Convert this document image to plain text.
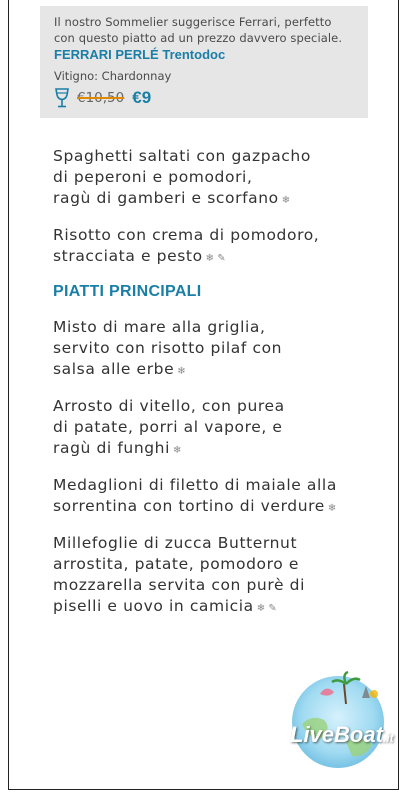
Il nostro Sommelier suggerisce Ferrari, perfetto
con questo piatto ad un prezzo davvero speciale.
FERRARI PERLÉ Trentodoc
Vitigno: Chardonnay
€10,50 €9
Spaghetti saltati con gazpacho
di peperoni e pomodori,
ragù di gamberi e scorfano ❄
Risotto con crema di pomodoro,
stracciata e pesto ❄ ✎
PIATTI PRINCIPALI
Misto di mare alla griglia,
servito con risotto pilaf con
salsa alle erbe ❄
Arrosto di vitello, con purea
di patate, porri al vapore, e
ragù di funghi ❄
Medaglioni di filetto di maiale alla
sorrentina con tortino di verdure ❄
Millefoglie di zucca Butternut
arrostita, patate, pomodoro e
mozzarella servita con purè di
piselli e uovo in camicia ❄ ✎
LiveBoat.it
